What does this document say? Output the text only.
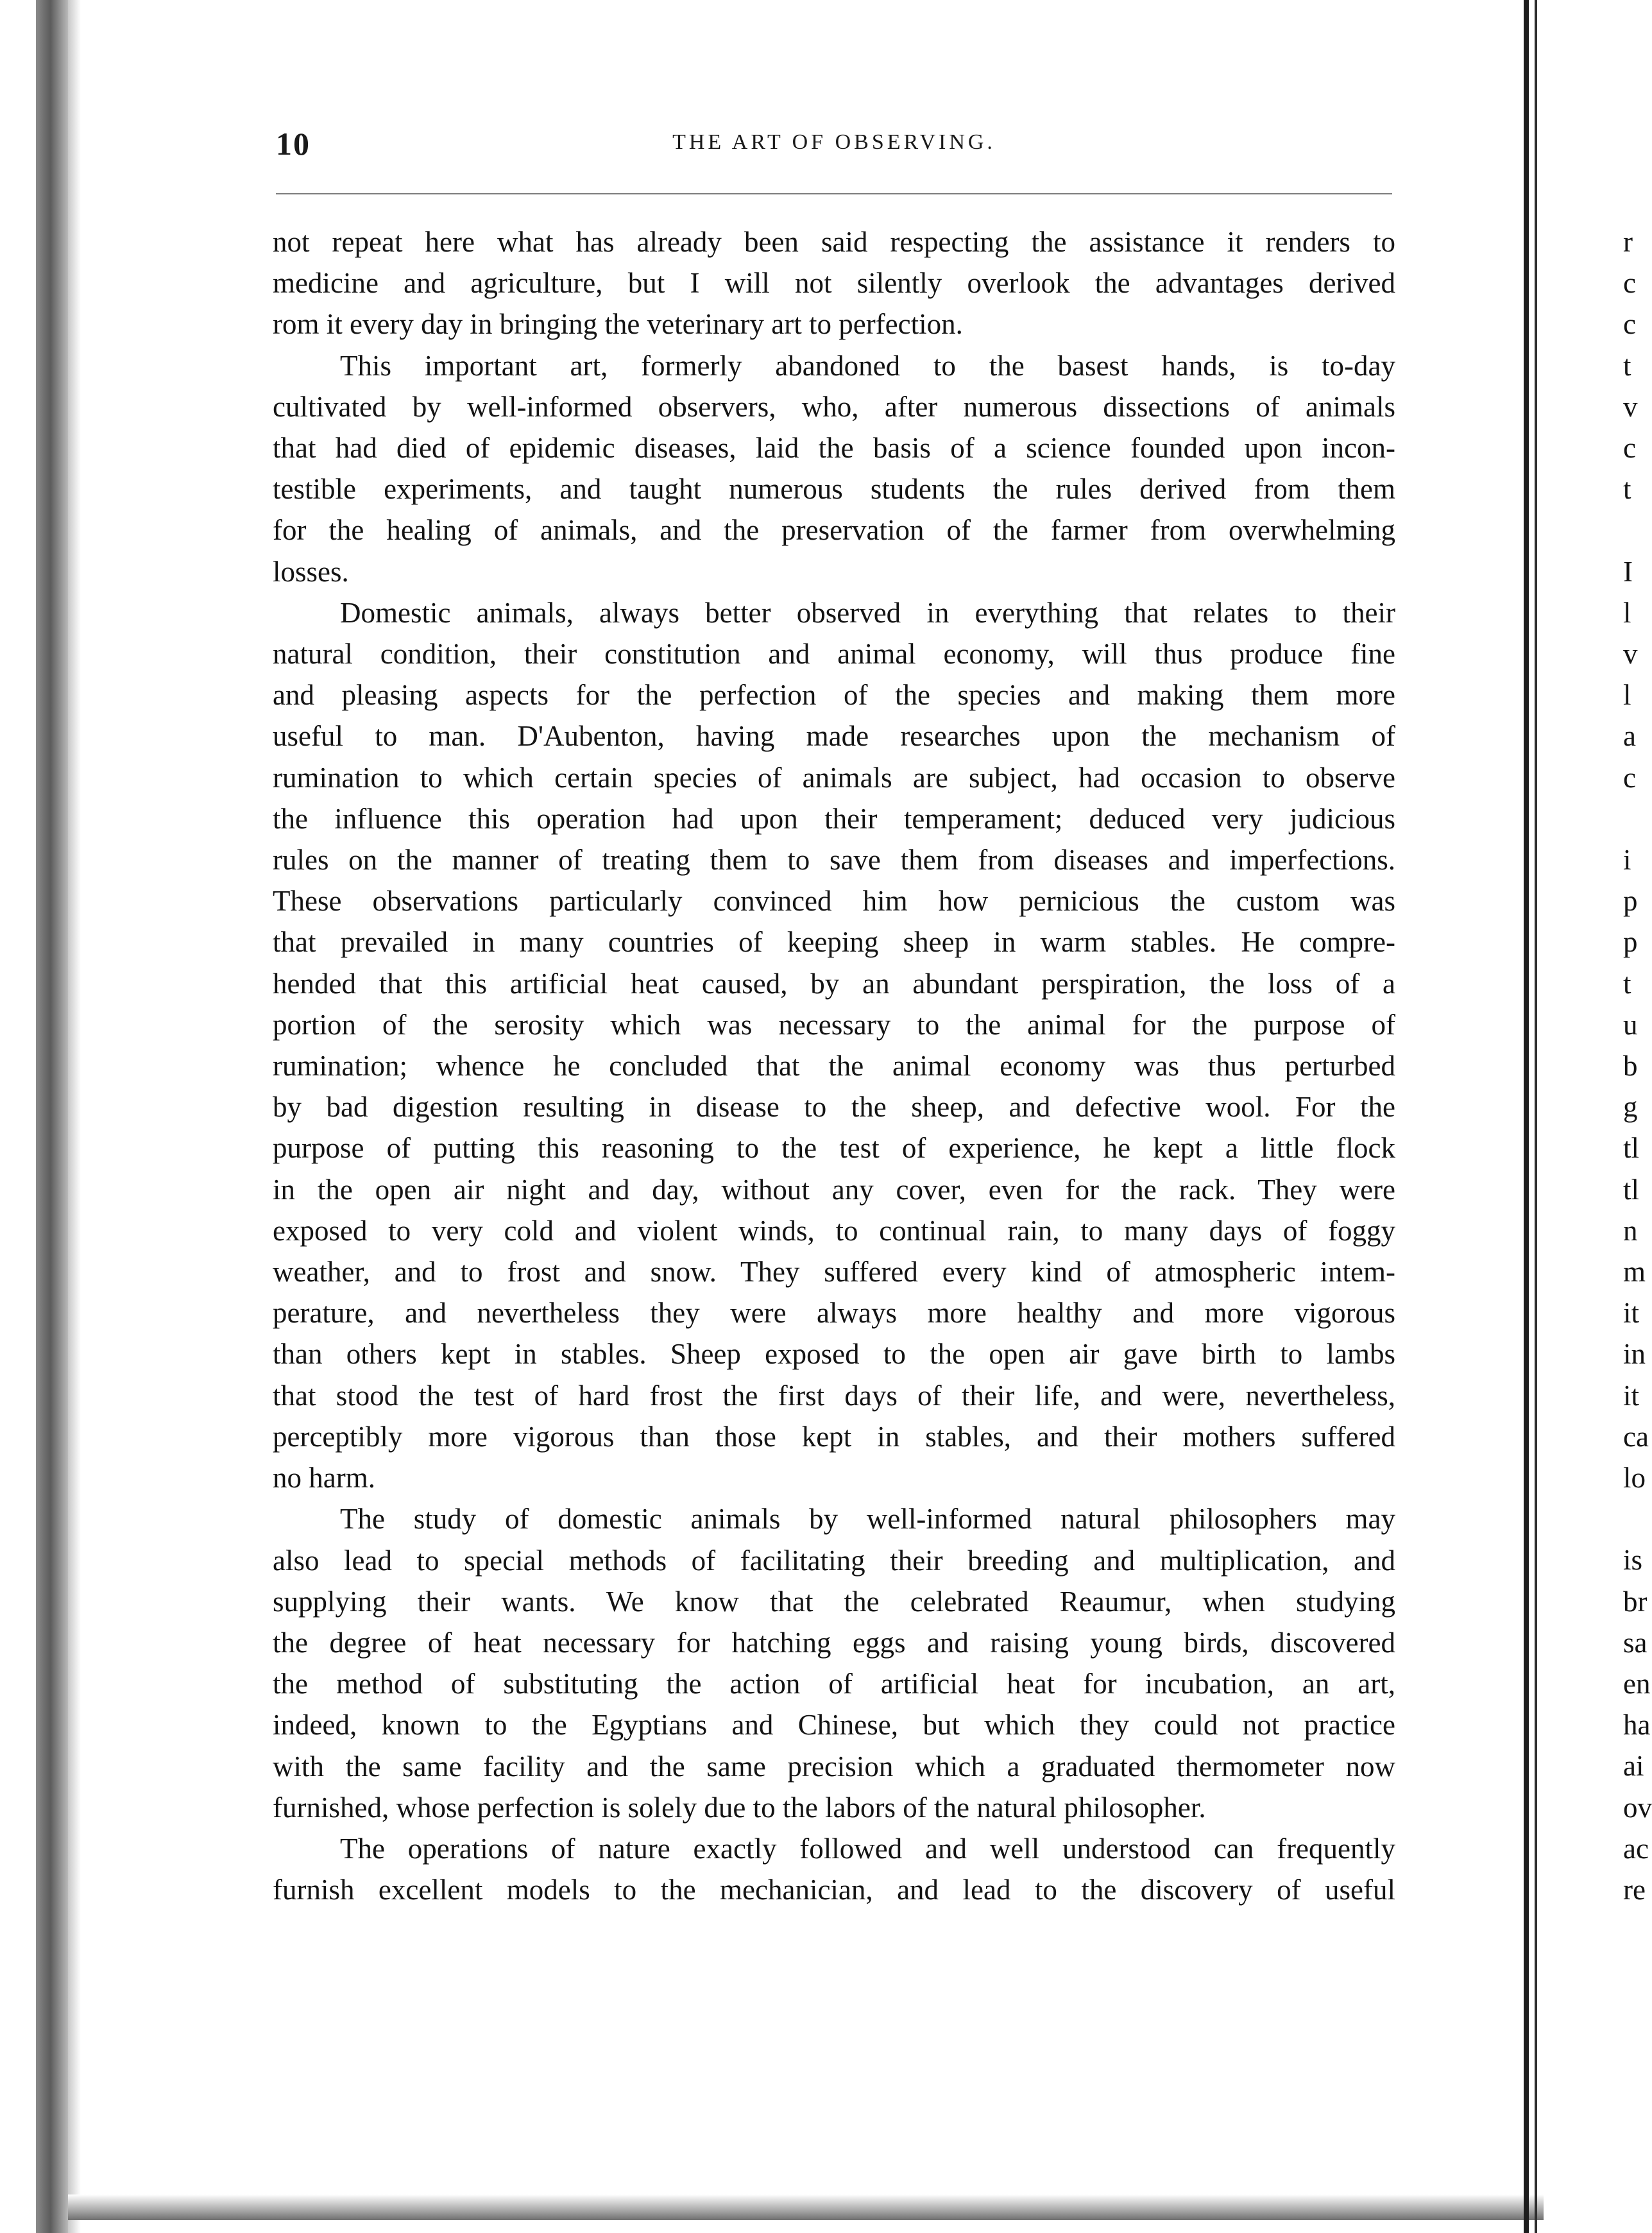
10	THE ART OF OBSERVING.
not repeat here what has already been said respecting the assistance it renders to
medicine and agriculture, but I will not silently overlook the advantages derived
rom it every day in bringing the veterinary art to perfection.
This important art, formerly abandoned to the basest hands, is to-day
cultivated by well-informed observers, who, after numerous dissections of animals
that had died of epidemic diseases, laid the basis of a science founded upon incon-
testible experiments, and taught numerous students the rules derived from them
for the healing of animals, and the preservation of the farmer from overwhelming
losses.
Domestic animals, always better observed in everything that relates to their
natural condition, their constitution and animal economy, will thus produce fine
and pleasing aspects for the perfection of the species and making them more
useful to man. D'Aubenton, having made researches upon the mechanism of
rumination to which certain species of animals are subject, had occasion to observe
the influence this operation had upon their temperament; deduced very judicious
rules on the manner of treating them to save them from diseases and imperfections.
These observations particularly convinced him how pernicious the custom was
that prevailed in many countries of keeping sheep in warm stables. He compre-
hended that this artificial heat caused, by an abundant perspiration, the loss of a
portion of the serosity which was necessary to the animal for the purpose of
rumination; whence he concluded that the animal economy was thus perturbed
by bad digestion resulting in disease to the sheep, and defective wool. For the
purpose of putting this reasoning to the test of experience, he kept a little flock
in the open air night and day, without any cover, even for the rack. They were
exposed to very cold and violent winds, to continual rain, to many days of foggy
weather, and to frost and snow. They suffered every kind of atmospheric intem-
perature, and nevertheless they were always more healthy and more vigorous
than others kept in stables. Sheep exposed to the open air gave birth to lambs
that stood the test of hard frost the first days of their life, and were, nevertheless,
perceptibly more vigorous than those kept in stables, and their mothers suffered
no harm.
The study of domestic animals by well-informed natural philosophers may
also lead to special methods of facilitating their breeding and multiplication, and
supplying their wants. We know that the celebrated Reaumur, when studying
the degree of heat necessary for hatching eggs and raising young birds, discovered
the method of substituting the action of artificial heat for incubation, an art,
indeed, known to the Egyptians and Chinese, but which they could not practice
with the same facility and the same precision which a graduated thermometer now
furnished, whose perfection is solely due to the labors of the natural philosopher.
The operations of nature exactly followed and well understood can frequently
furnish excellent models to the mechanician, and lead to the discovery of useful
r
c
c
t
v
c
t
I
l
v
l
a
c
i
p
p
t
u
b
g
tl
tl
n
m
it
in
it
ca
lo
is
br
sa
en
ha
ai
ov
ac
re
